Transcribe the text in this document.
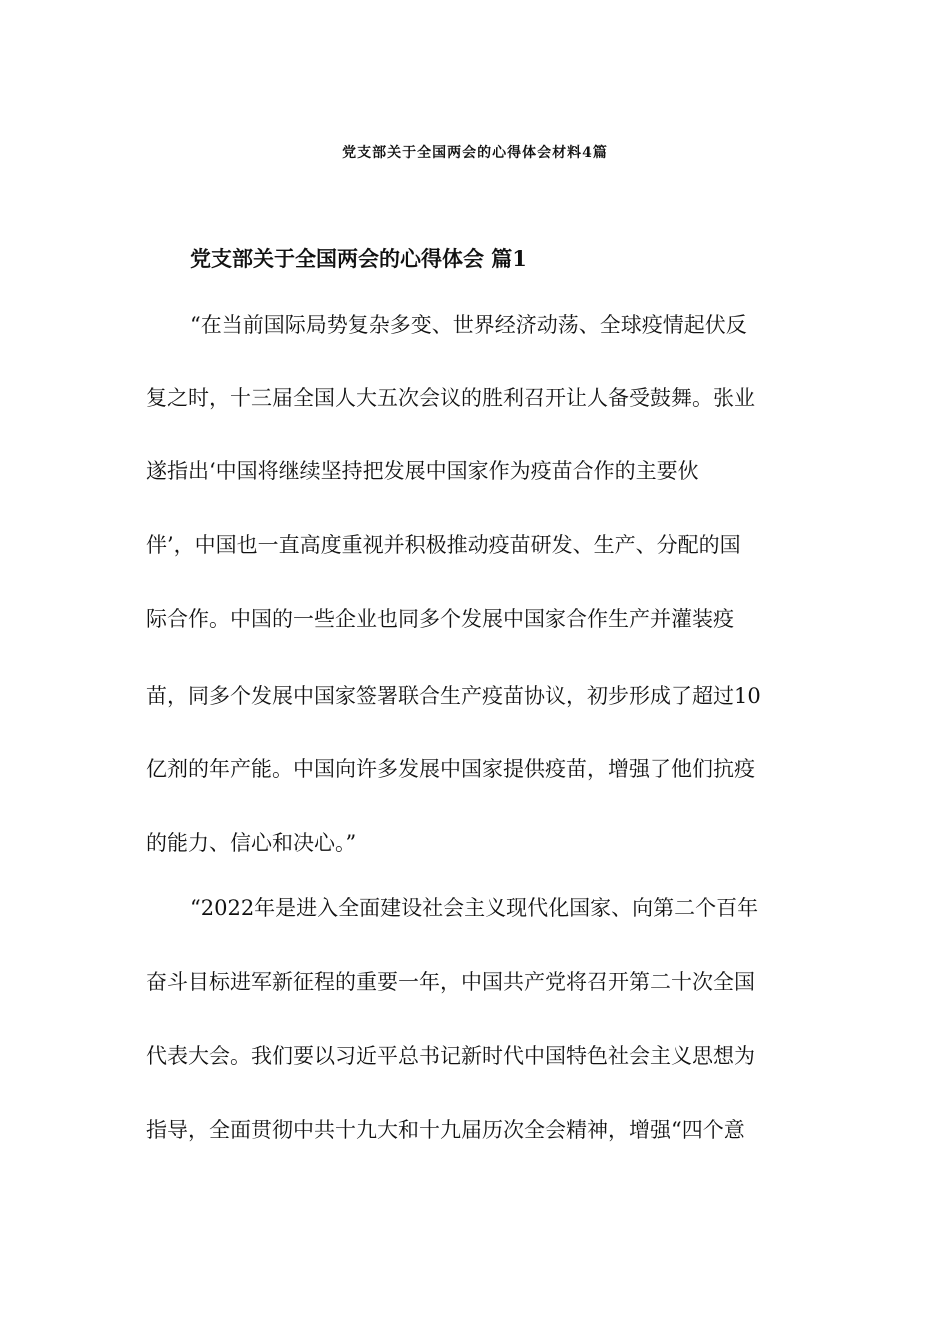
党支部关于全国两会的心得体会材料4篇
党支部关于全国两会的心得体会 篇1

“在当前国际局势复杂多变、世界经济动荡、全球疫情起伏反

复之时，十三届全国人大五次会议的胜利召开让人备受鼓舞。张业

遂指出‘中国将继续坚持把发展中国家作为疫苗合作的主要伙

伴’，中国也一直高度重视并积极推动疫苗研发、生产、分配的国

际合作。中国的一些企业也同多个发展中国家合作生产并灌装疫

苗，同多个发展中国家签署联合生产疫苗协议，初步形成了超过10

亿剂的年产能。中国向许多发展中国家提供疫苗，增强了他们抗疫

的能力、信心和决心。”

“2022年是进入全面建设社会主义现代化国家、向第二个百年

奋斗目标进军新征程的重要一年，中国共产党将召开第二十次全国

代表大会。我们要以习近平总书记新时代中国特色社会主义思想为

指导，全面贯彻中共十九大和十九届历次全会精神，增强“四个意
